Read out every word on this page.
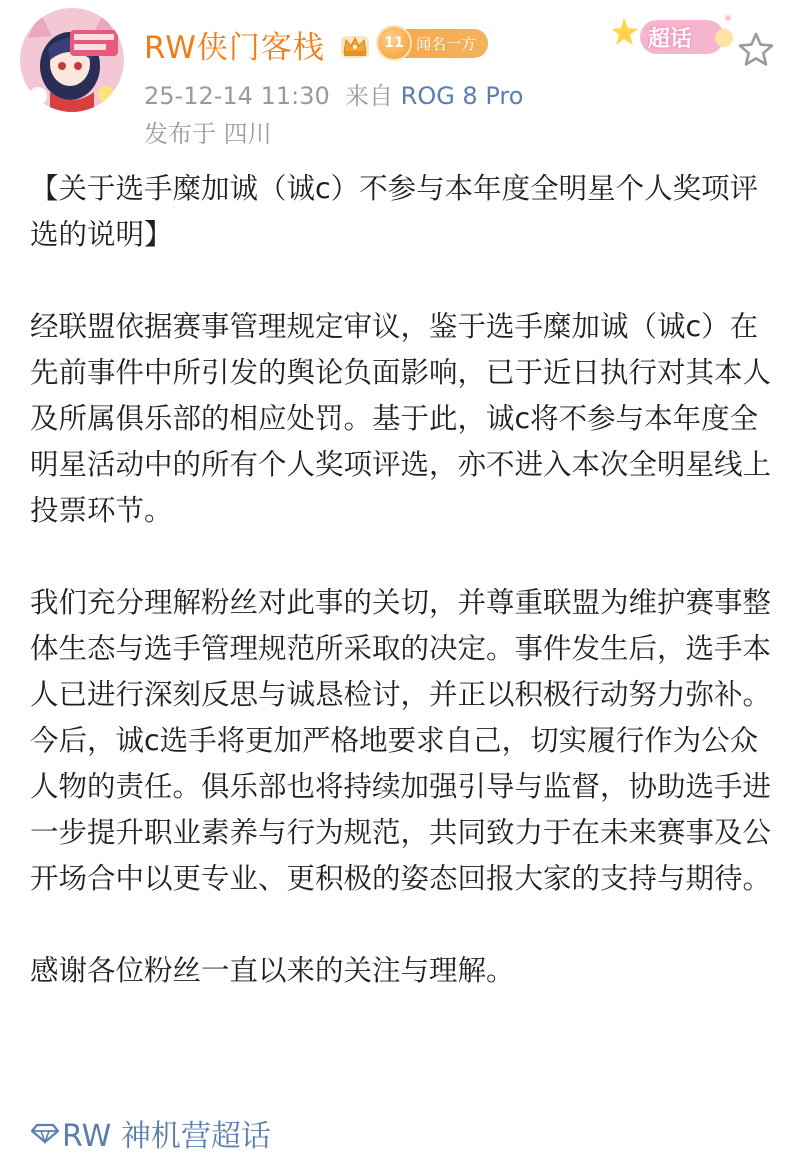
RW侠门客栈	11 闻名一方	超话
25-12-14 11:30 来自 ROG 8 Pro
发布于 四川

【关于选手糜加诚（诚c）不参与本年度全明星个人奖项评选的说明】

经联盟依据赛事管理规定审议，鉴于选手糜加诚（诚c）在先前事件中所引发的舆论负面影响，已于近日执行对其本人及所属俱乐部的相应处罚。基于此，诚c将不参与本年度全明星活动中的所有个人奖项评选，亦不进入本次全明星线上投票环节。

我们充分理解粉丝对此事的关切，并尊重联盟为维护赛事整体生态与选手管理规范所采取的决定。事件发生后，选手本人已进行深刻反思与诚恳检讨，并正以积极行动努力弥补。

今后，诚c选手将更加严格地要求自己，切实履行作为公众人物的责任。俱乐部也将持续加强引导与监督，协助选手进一步提升职业素养与行为规范，共同致力于在未来赛事及公开场合中以更专业、更积极的姿态回报大家的支持与期待。

感谢各位粉丝一直以来的关注与理解。

RW 神机营超话
